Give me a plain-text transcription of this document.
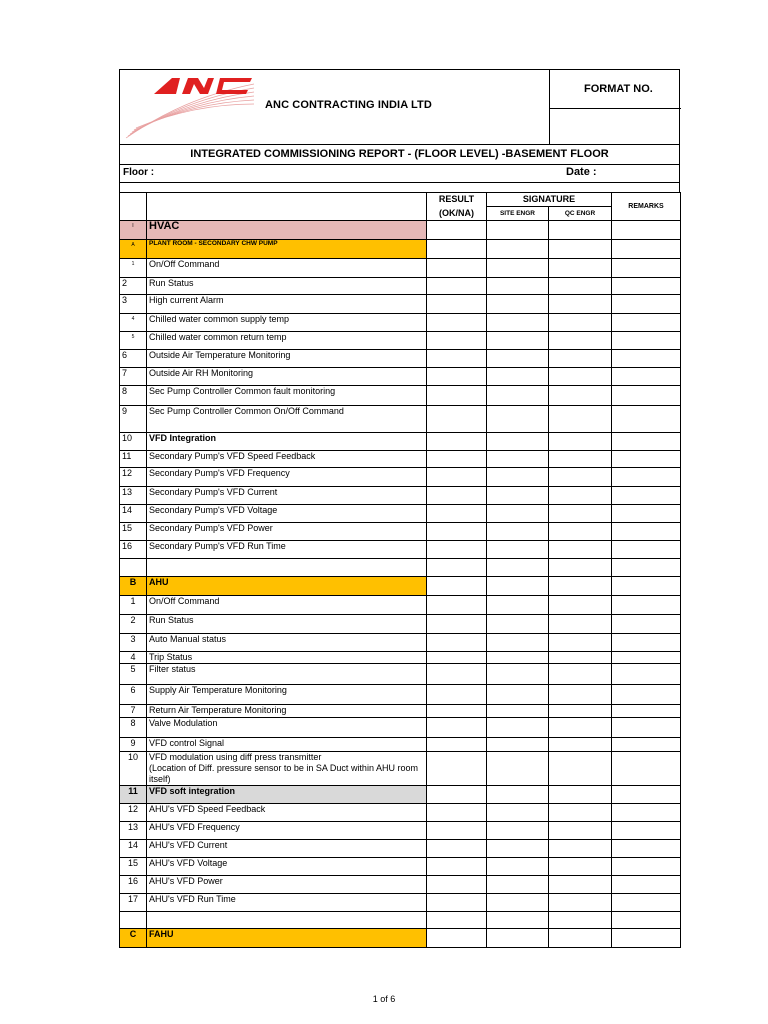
ANC CONTRACTING INDIA LTD
FORMAT NO.
INTEGRATED COMMISSIONING REPORT - (FLOOR LEVEL) -BASEMENT FLOOR
Floor :	Date :
		RESULT	SIGNATURE		REMARKS
		(OK/NA)	SITE ENGR	QC ENGR	
I	HVAC				
A	PLANT ROOM - SECONDARY CHW PUMP				
1	On/Off Command				
2	Run Status				
3	High current Alarm				
4	Chilled water common supply temp				
5	Chilled water common return temp				
6	Outside Air Temperature Monitoring				
7	Outside Air RH Monitoring				
8	Sec Pump Controller Common fault monitoring				
9	Sec Pump Controller Common On/Off Command				
10	VFD Integration				
11	Secondary Pump's VFD Speed Feedback				
12	Secondary Pump's VFD Frequency				
13	Secondary Pump's VFD Current				
14	Secondary Pump's VFD Voltage				
15	Secondary Pump's VFD Power				
16	Secondary Pump's VFD Run Time				

B	AHU				
1	On/Off Command				
2	Run Status				
3	Auto Manual status				
4	Trip Status				
5	Filter status				
6	Supply Air Temperature Monitoring				
7	Return Air Temperature Monitoring				
8	Valve Modulation				
9	VFD control Signal				
10	VFD modulation using diff press transmitter
(Location of Diff. pressure sensor to be in SA Duct within AHU room itself)				
11	VFD soft integration				
12	AHU's VFD Speed Feedback				
13	AHU's VFD Frequency				
14	AHU's VFD Current				
15	AHU's VFD Voltage				
16	AHU's VFD Power				
17	AHU's VFD Run Time				

C	FAHU				
1 of 6
